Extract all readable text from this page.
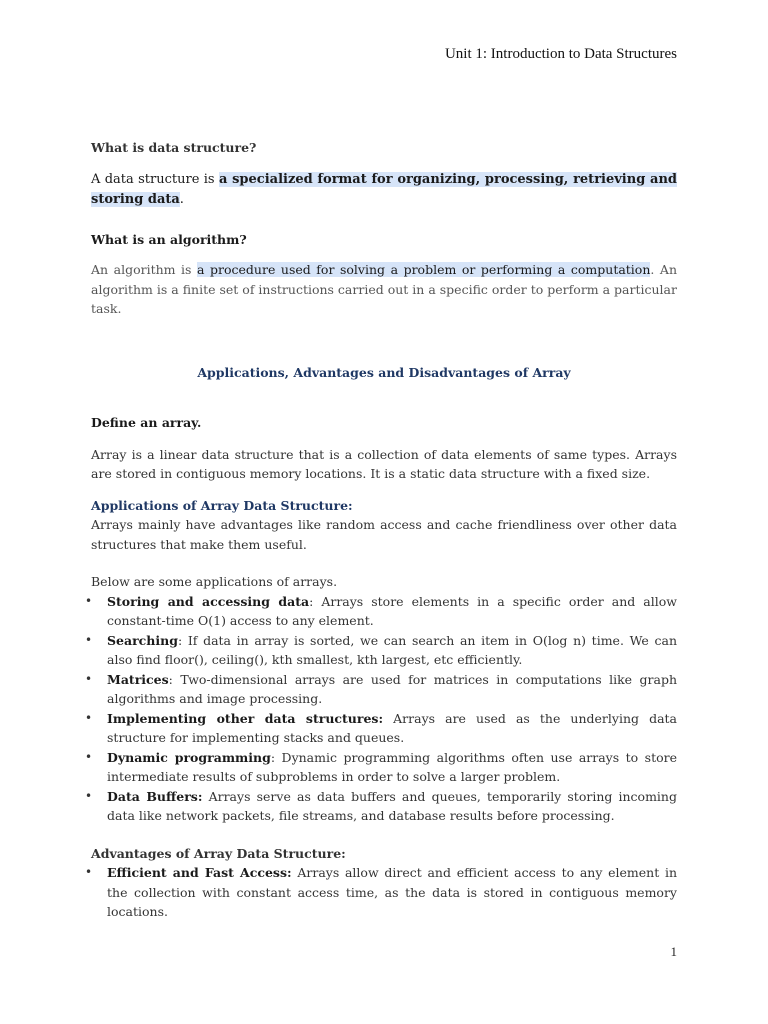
Unit 1: Introduction to Data Structures

What is data structure?

A data structure is a specialized format for organizing, processing, retrieving and storing data.

What is an algorithm?

An algorithm is a procedure used for solving a problem or performing a computation. An algorithm is a finite set of instructions carried out in a specific order to perform a particular task.

Applications, Advantages and Disadvantages of Array

Define an array.

Array is a linear data structure that is a collection of data elements of same types. Arrays are stored in contiguous memory locations. It is a static data structure with a fixed size.

Applications of Array Data Structure:

Arrays mainly have advantages like random access and cache friendliness over other data structures that make them useful.

Below are some applications of arrays.

• Storing and accessing data: Arrays store elements in a specific order and allow constant-time O(1) access to any element.
• Searching: If data in array is sorted, we can search an item in O(log n) time. We can also find floor(), ceiling(), kth smallest, kth largest, etc efficiently.
• Matrices: Two-dimensional arrays are used for matrices in computations like graph algorithms and image processing.
• Implementing other data structures: Arrays are used as the underlying data structure for implementing stacks and queues.
• Dynamic programming: Dynamic programming algorithms often use arrays to store intermediate results of subproblems in order to solve a larger problem.
• Data Buffers: Arrays serve as data buffers and queues, temporarily storing incoming data like network packets, file streams, and database results before processing.

Advantages of Array Data Structure:

• Efficient and Fast Access: Arrays allow direct and efficient access to any element in the collection with constant access time, as the data is stored in contiguous memory locations.
1
